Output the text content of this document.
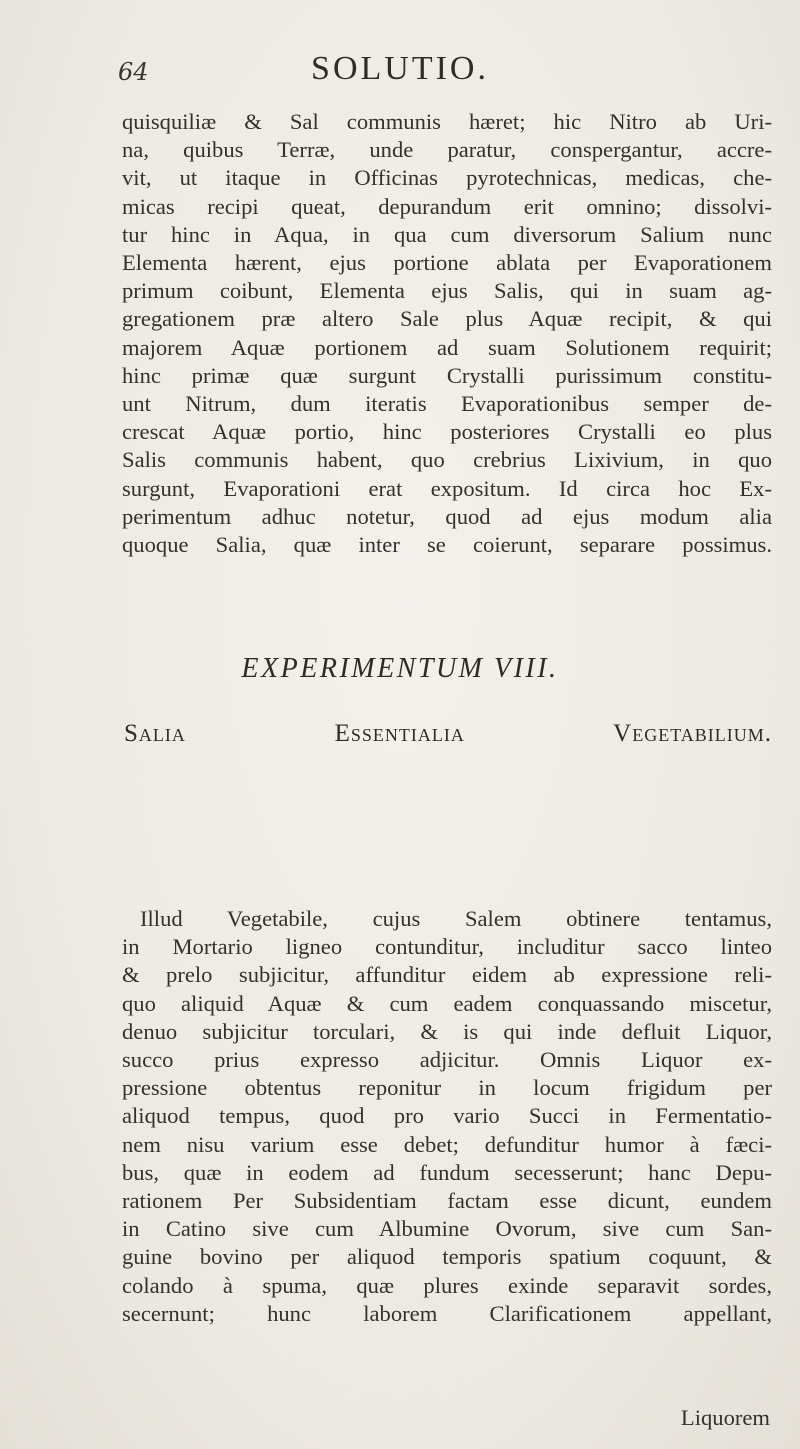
64	SOLUTIO.
quisquiliæ & Sal communis hæret; hic Nitro ab Uri-
na, quibus Terræ, unde paratur, conspergantur, accre-
vit, ut itaque in Officinas pyrotechnicas, medicas, che-
micas recipi queat, depurandum erit omnino; dissolvi-
tur hinc in Aqua, in qua cum diversorum Salium nunc
Elementa hærent, ejus portione ablata per Evaporationem
primum coibunt, Elementa ejus Salis, qui in suam ag-
gregationem præ altero Sale plus Aquæ recipit, & qui
majorem Aquæ portionem ad suam Solutionem requirit;
hinc primæ quæ surgunt Crystalli purissimum constitu-
unt Nitrum, dum iteratis Evaporationibus semper de-
crescat Aquæ portio, hinc posteriores Crystalli eo plus
Salis communis habent, quo crebrius Lixivium, in quo
surgunt, Evaporationi erat expositum. Id circa hoc Ex-
perimentum adhuc notetur, quod ad ejus modum alia
quoque Salia, quæ inter se coierunt, separare possimus.
EXPERIMENTUM VIII.
Salia Essentialia Vegetabilium.
Illud Vegetabile, cujus Salem obtinere tentamus,
in Mortario ligneo contunditur, includitur sacco linteo
& prelo subjicitur, affunditur eidem ab expressione reli-
quo aliquid Aquæ & cum eadem conquassando miscetur,
denuo subjicitur torculari, & is qui inde defluit Liquor,
succo prius expresso adjicitur. Omnis Liquor ex-
pressione obtentus reponitur in locum frigidum per
aliquod tempus, quod pro vario Succi in Fermentatio-
nem nisu varium esse debet; defunditur humor à fæci-
bus, quæ in eodem ad fundum secesserunt; hanc Depu-
rationem Per Subsidentiam factam esse dicunt, eundem
in Catino sive cum Albumine Ovorum, sive cum San-
guine bovino per aliquod temporis spatium coquunt, &
colando à spuma, quæ plures exinde separavit sordes,
secernunt; hunc laborem Clarificationem appellant,
Liquorem
